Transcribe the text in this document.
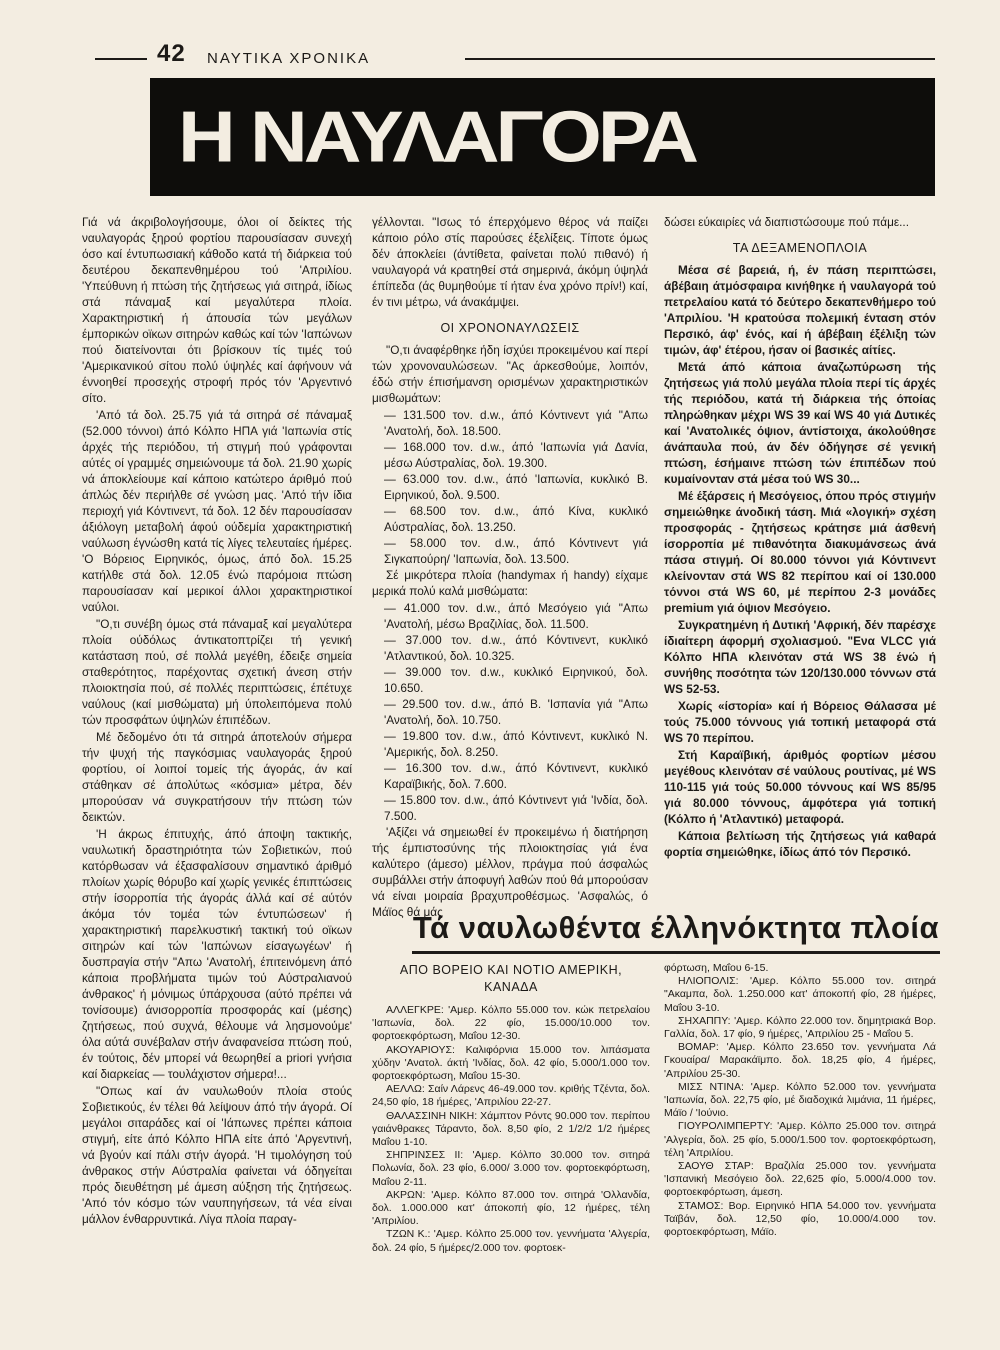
42 ΝΑΥΤΙΚΑ ΧΡΟΝΙΚΑ
Η ΝΑΥΛΑΓΟΡΑ

Γιά νά άκριβολογήσουμε, όλοι οί δείκτες τής ναυλαγοράς ξηρού φορτίου παρουσίασαν συνεχή όσο καί έντυπωσιακή κάθοδο κατά τή διάρκεια τού δευτέρου δεκαπενθημέρου τού 'Απριλίου. 'Υπεύθυνη ή πτώση τής ζητήσεως γιά σιτηρά, ίδίως στά πάναμαξ καί μεγαλύτερα πλοία. Χαρακτηριστική ή άπουσία τών μεγάλων έμπορικών οϊκων σιτηρών καθώς καί τών 'Ιαπώνων πού διατείνονται ότι βρίσκουν τίς τιμές τού 'Αμερικανικού σίτου πολύ ύψηλές καί άφήνουν νά έννοηθεί προσεχής στροφή πρός τόν 'Αργεντινό σίτο.

'Από τά δολ. 25.75 γιά τά σιτηρά σέ πάναμαξ (52.000 τόννοι) άπό Κόλπο ΗΠΑ γιά 'Ιαπωνία στίς άρχές τής περιόδου, τή στιγμή πού γράφονται αύτές οί γραμμές σημειώνουμε τά δολ. 21.90 χωρίς νά άποκλείουμε καί κάποιο κατώτερο άριθμό πού άπλώς δέν περιήλθε σέ γνώση μας. 'Από τήν ίδια περιοχή γιά Κόντινεντ, τά δολ. 12 δέν παρουσίασαν άξιόλογη μεταβολή άφού ούδεμία χαρακτηριστική ναύλωση έγνώσθη κατά τίς λίγες τελευταίες ήμέρες. 'Ο Βόρειος Ειρηνικός, όμως, άπό δολ. 15.25 κατήλθε στά δολ. 12.05 ένώ παρόμοια πτώση παρουσίασαν καί μερικοί άλλοι χαρακτηριστικοί ναύλοι.

"Ο,τι συνέβη όμως στά πάναμαξ καί μεγαλύτερα πλοία ούδόλως άντικατοπτρίζει τή γενική κατάσταση πού, σέ πολλά μεγέθη, έδειξε σημεία σταθερότητος, παρέχοντας σχετική άνεση στήν πλοιοκτησία πού, σέ πολλές περιπτώσεις, έπέτυχε ναύλους (καί μισθώματα) μή ύπολειπόμενα πολύ τών προσφάτων ύψηλών έπιπέδων.

Μέ δεδομένο ότι τά σιτηρά άποτελούν σήμερα τήν ψυχή τής παγκόσμιας ναυλαγοράς ξηρού φορτίου, οί λοιποί τομείς τής άγοράς, άν καί στάθηκαν σέ άπολύτως «κόσμια» μέτρα, δέν μπορούσαν νά συγκρατήσουν τήν πτώση τών δεικτών.

'Η άκρως έπιτυχής, άπό άποψη τακτικής, ναυλωτική δραστηριότητα τών Σοβιετικών, πού κατόρθωσαν νά έξασφαλίσουν σημαντικό άριθμό πλοίων χωρίς θόρυβο καί χωρίς γενικές έπιπτώσεις στήν ίσορροπία τής άγοράς άλλά καί σέ αύτόν άκόμα τόν τομέα τών έντυπώσεων' ή χαρακτηριστική παρελκυστική τακτική τού οϊκων σιτηρών καί τών 'Ιαπώνων είσαγωγέων' ή δυσπραγία στήν "Απω 'Ανατολή, έπιτεινόμενη άπό κάποια προβλήματα τιμών τού Αύστραλιανού άνθρακος' ή μόνιμως ύπάρχουσα (αύτό πρέπει νά τονίσουμε) άνισορροπία προσφοράς καί (μέσης) ζητήσεως, πού συχνά, θέλουμε νά λησμονούμε' όλα αύτά συνέβαλαν στήν άναφανείσα πτώση πού, έν τούτοις, δέν μπορεί νά θεωρηθεί a priori γνήσια καί διαρκείας — τουλάχιστον σήμερα!...

"Οπως καί άν ναυλωθούν πλοία στούς Σοβιετικούς, έν τέλει θά λείψουν άπό τήν άγορά. Οί μεγάλοι σιταράδες καί οί 'Ιάπωνες πρέπει κάποια στιγμή, είτε άπό Κόλπο ΗΠΑ είτε άπό 'Αργεντινή, νά βγούν καί πάλι στήν άγορά. 'Η τιμολόγηση τού άνθρακος στήν Αύστραλία φαίνεται νά όδηγείται πρός διευθέτηση μέ άμεση αύξηση τής ζητήσεως. 'Από τόν κόσμο τών ναυπηγήσεων, τά νέα είναι μάλλον ένθαρρυντικά. Λίγα πλοία παραγ-

γέλλονται. "Ισως τό έπερχόμενο θέρος νά παίζει κάποιο ρόλο στίς παρούσες έξελίξεις. Τίποτε όμως δέν άποκλείει (άντίθετα, φαίνεται πολύ πιθανό) ή ναυλαγορά νά κρατηθεί στά σημερινά, άκόμη ύψηλά έπίπεδα (άς θυμηθούμε τί ήταν ένα χρόνο πρίν!) καί, έν τινι μέτρω, νά άνακάμψει.

ΟΙ ΧΡΟΝΟΝΑΥΛΩΣΕΙΣ

"Ο,τι άναφέρθηκε ήδη ίσχύει προκειμένου καί περί τών χρονοναυλώσεων. "Ας άρκεσθούμε, λοιπόν, έδώ στήν έπισήμανση ορισμένων χαρακτηριστικών μισθωμάτων:

— 131.500 τον. d.w., άπό Κόντινεντ γιά "Απω 'Ανατολή, δολ. 18.500.

— 168.000 τον. d.w., άπό 'Ιαπωνία γιά Δανία, μέσω Αύστραλίας, δολ. 19.300.

— 63.000 τον. d.w., άπό 'Ιαπωνία, κυκλικό Β. Ειρηνικού, δολ. 9.500.

— 68.500 τον. d.w., άπό Κίνα, κυκλικό Αύστραλίας, δολ. 13.250.

— 58.000 τον. d.w., άπό Κόντινεντ γιά Σιγκαπούρη/ 'Ιαπωνία, δολ. 13.500.

Σέ μικρότερα πλοία (handymax ή handy) είχαμε μερικά πολύ καλά μισθώματα:

— 41.000 τον. d.w., άπό Μεσόγειο γιά "Απω 'Ανατολή, μέσω Βραζιλίας, δολ. 11.500.

— 37.000 τον. d.w., άπό Κόντινεντ, κυκλικό 'Ατλαντικού, δολ. 10.325.

— 39.000 τον. d.w., κυκλικό Ειρηνικού, δολ. 10.650.

— 29.500 τον. d.w., άπό Β. 'Ισπανία γιά "Απω 'Ανατολή, δολ. 10.750.

— 19.800 τον. d.w., άπό Κόντινεντ, κυκλικό Ν. 'Αμερικής, δολ. 8.250.

— 16.300 τον. d.w., άπό Κόντινεντ, κυκλικό Καραϊβικής, δολ. 7.600.

— 15.800 τον. d.w., άπό Κόντινεντ γιά 'Ινδία, δολ. 7.500.

'Αξίζει νά σημειωθεί έν προκειμένω ή διατήρηση τής έμπιστοσύνης τής πλοιοκτησίας γιά ένα καλύτερο (άμεσο) μέλλον, πράγμα πού άσφαλώς συμβάλλει στήν άποφυγή λαθών πού θά μπορούσαν νά είναι μοιραία βραχυπροθέσμως. 'Ασφαλώς, ό Μάϊος θά μάς

δώσει εύκαιρίες νά διαπιστώσουμε πού πάμε...

ΤΑ ΔΕΞΑΜΕΝΟΠΛΟΙΑ

Μέσα σέ βαρειά, ή, έν πάση περιπτώσει, άβέβαιη άτμόσφαιρα κινήθηκε ή ναυλαγορά τού πετρελαίου κατά τό δεύτερο δεκαπενθήμερο τού 'Απριλίου. 'Η κρατούσα πολεμική ένταση στόν Περσικό, άφ' ένός, καί ή άβέβαιη έξέλιξη τών τιμών, άφ' έτέρου, ήσαν οί βασικές αίτίες.

Μετά άπό κάποια άναζωπύρωση τής ζητήσεως γιά πολύ μεγάλα πλοία περί τίς άρχές τής περιόδου, κατά τή διάρκεια τής όποίας πληρώθηκαν μέχρι WS 39 καί WS 40 γιά Δυτικές καί 'Ανατολικές όψιον, άντίστοιχα, άκολούθησε άνάπαυλα πού, άν δέν όδήγησε σέ γενική πτώση, έσήμαινε πτώση τών έπιπέδων πού κυμαίνονταν στά μέσα τού WS 30...

Μέ έξάρσεις ή Μεσόγειος, όπου πρός στιγμήν σημειώθηκε άνοδική τάση. Μιά «λογική» σχέση προσφοράς - ζητήσεως κράτησε μιά άσθενή ίσορροπία μέ πιθανότητα διακυμάνσεως άνά πάσα στιγμή. Οί 80.000 τόννοι γιά Κόντινεντ κλείνονταν στά WS 82 περίπου καί οί 130.000 τόννοι στά WS 60, μέ περίπου 2-3 μονάδες premium γιά όψιον Μεσόγειο.

Συγκρατημένη ή Δυτική 'Αφρική, δέν παρέσχε ίδιαίτερη άφορμή σχολιασμού. "Ενα VLCC γιά Κόλπο ΗΠΑ κλεινόταν στά WS 38 ένώ ή συνήθης ποσότητα τών 120/130.000 τόννων στά WS 52-53.

Χωρίς «ίστορία» καί ή Βόρειος Θάλασσα μέ τούς 75.000 τόννους γιά τοπική μεταφορά στά WS 70 περίπου.

Στή Καραϊβική, άριθμός φορτίων μέσου μεγέθους κλεινόταν σέ ναύλους ρουτίνας, μέ WS 110-115 γιά τούς 50.000 τόννους καί WS 85/95 γιά 80.000 τόννους, άμφότερα γιά τοπική (Κόλπο ή 'Ατλαντικό) μεταφορά.

Κάποια βελτίωση τής ζητήσεως γιά καθαρά φορτία σημειώθηκε, ίδίως άπό τόν Περσικό.

Τά ναυλωθέντα έλληνόκτητα πλοία
ΑΠΟ ΒΟΡΕΙΟ ΚΑΙ ΝΟΤΙΟ ΑΜΕΡΙΚΗ, ΚΑΝΑΔΑ

ΑΛΛΕΓΚΡΕ: 'Αμερ. Κόλπο 55.000 τον. κώκ πετρελαίου 'Ιαπωνία, δολ. 22 φίο, 15.000/10.000 τον. φορτοεκφόρτωση, Μαΐου 12-30.

ΑΚΟΥΑΡΙΟΥΣ: Καλιφόρνια 15.000 τον. λιπάσματα χύδην 'Ανατολ. άκτή 'Ινδίας, δολ. 42 φίο, 5.000/1.000 τον. φορτοεκφόρτωση, Μαΐου 15-30.

ΑΕΛΛΩ: Σαίν Λάρενς 46-49.000 τον. κριθής Τζέντα, δολ. 24,50 φίο, 18 ήμέρες, 'Απριλίου 22-27.

ΘΑΛΑΣΣΙΝΗ ΝΙΚΗ: Χάμπτον Ρόντς 90.000 τον. περίπου γαιάνθρακες Τάραντο, δολ. 8,50 φίο, 2 1/2/2 1/2 ήμέρες Μαΐου 1-10.

ΣΗΠΡΙΝΣΕΣ ΙΙ: 'Αμερ. Κόλπο 30.000 τον. σιτηρά Πολωνία, δολ. 23 φίο, 6.000/ 3.000 τον. φορτοεκφόρτωση, Μαΐου 2-11.

ΑΚΡΩΝ: 'Αμερ. Κόλπο 87.000 τον. σιτηρά 'Ολλανδία, δολ. 1.000.000 κατ' άποκοπή φίο, 12 ήμέρες, τέλη 'Απριλίου.

ΤΖΩΝ Κ.: 'Αμερ. Κόλπο 25.000 τον. γεννήματα 'Αλγερία, δολ. 24 φίο, 5 ήμέρες/2.000 τον. φορτοεκ-

φόρτωση, Μαΐου 6-15.

ΗΛΙΟΠΟΛΙΣ: 'Αμερ. Κόλπο 55.000 τον. σιτηρά "Ακαμπα, δολ. 1.250.000 κατ' άποκοπή φίο, 28 ήμέρες, Μαΐου 3-10.

ΣΗΧΑΠΠΥ: 'Αμερ. Κόλπο 22.000 τον. δημητριακά Βορ. Γαλλία, δολ. 17 φίο, 9 ήμέρες, 'Απριλίου 25 - Μαΐου 5.

ΒΟΜΑΡ: 'Αμερ. Κόλπο 23.650 τον. γεννήματα Λά Γκουαίρα/ Μαρακάϊμπο. δολ. 18,25 φίο, 4 ήμέρες, 'Απριλίου 25-30.

ΜΙΣΣ ΝΤΙΝΑ: 'Αμερ. Κόλπο 52.000 τον. γεννήματα 'Ιαπωνία, δολ. 22,75 φίο, μέ διαδοχικά λιμάνια, 11 ήμέρες, Μάϊο / 'Ιούνιο.

ΓΙΟΥΡΟΛΙΜΠΕΡΤΥ: 'Αμερ. Κόλπο 25.000 τον. σιτηρά 'Αλγερία, δολ. 25 φίο, 5.000/1.500 τον. φορτοεκφόρτωση, τέλη 'Απριλίου.

ΣΑΟΥΘ ΣΤΑΡ: Βραζιλία 25.000 τον. γεννήματα 'Ισπανική Μεσόγειο δολ. 22,625 φίο, 5.000/4.000 τον. φορτοεκφόρτωση, άμεση.

ΣΤΑΜΟΣ: Βορ. Ειρηνικό ΗΠΑ 54.000 τον. γεννήματα Ταϊβάν, δολ. 12,50 φίο, 10.000/4.000 τον. φορτοεκφόρτωση, Μάϊο.
